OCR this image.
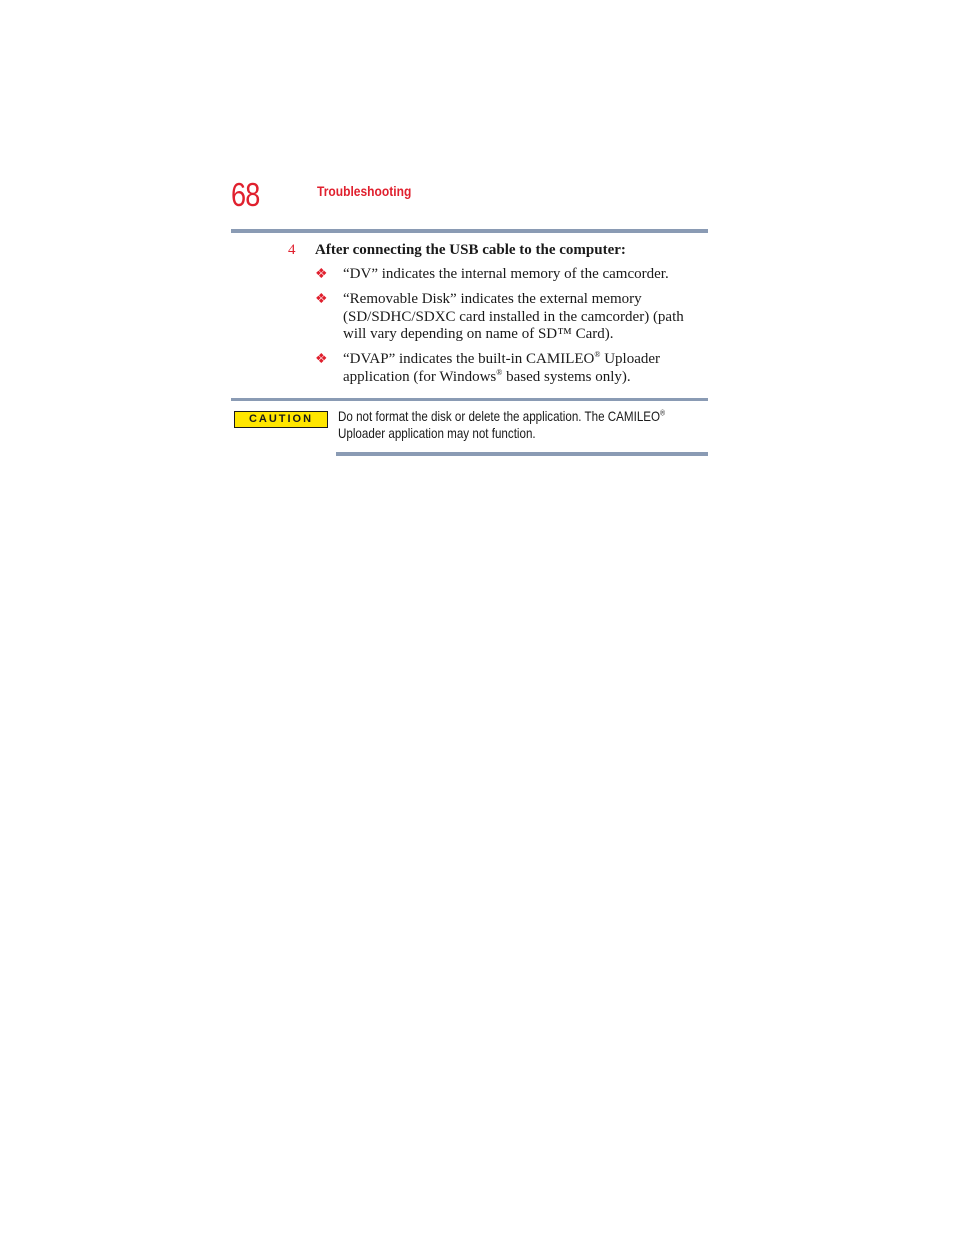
68	Troubleshooting
4 After connecting the USB cable to the computer:
❖ “DV” indicates the internal memory of the camcorder.
❖ “Removable Disk” indicates the external memory (SD/SDHC/SDXC card installed in the camcorder) (path will vary depending on name of SD™ Card).
❖ “DVAP” indicates the built-in CAMILEO® Uploader application (for Windows® based systems only).
CAUTION	Do not format the disk or delete the application. The CAMILEO® Uploader application may not function.
